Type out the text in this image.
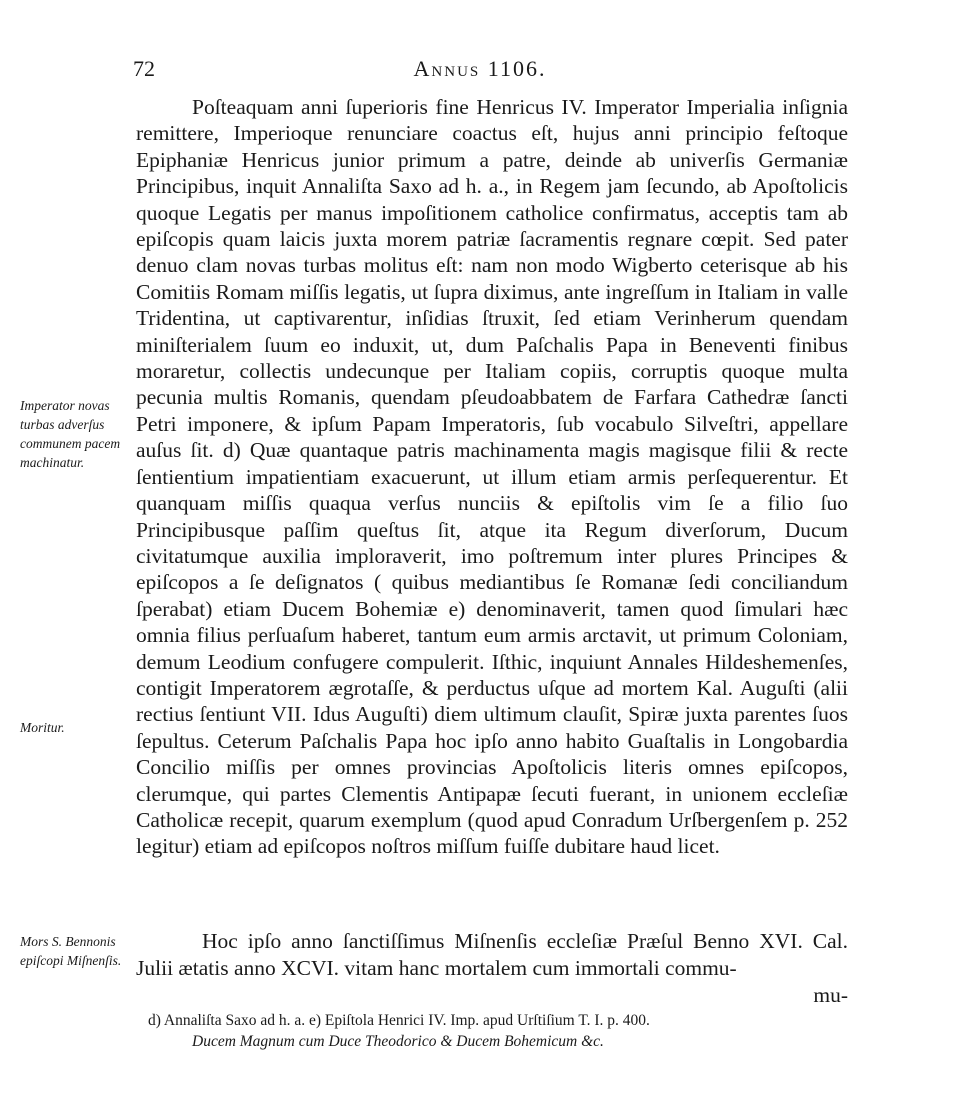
72	Annus 1106.
Imperator novas turbas adverſus communem pacem machinatur.
Moritur.
Mors S. Bennonis epiſcopi Miſnenſis.

Poſteaquam anni ſuperioris fine Henricus IV. Imperator Imperialia inſignia remittere, Imperioque renunciare coactus eſt, hujus anni principio feſtoque Epiphaniæ Henricus junior primum a patre, deinde ab univerſis Germaniæ Principibus, inquit Annaliſta Saxo ad h. a., in Regem jam ſecundo, ab Apoſtolicis quoque Legatis per manus impoſitionem catholice confirmatus, acceptis tam ab epiſcopis quam laicis juxta morem patriæ ſacramentis regnare cœpit. Sed pater denuo clam novas turbas molitus eſt: nam non modo Wigberto ceterisque ab his Comitiis Romam miſſis legatis, ut ſupra diximus, ante ingreſſum in Italiam in valle Tridentina, ut captivarentur, inſidias ſtruxit, ſed etiam Verinherum quendam miniſterialem ſuum eo induxit, ut, dum Paſchalis Papa in Beneventi finibus moraretur, collectis undecunque per Italiam copiis, corruptis quoque multa pecunia multis Romanis, quendam pſeudoabbatem de Farfara Cathedræ ſancti Petri imponere, & ipſum Papam Imperatoris, ſub vocabulo Silveſtri, appellare auſus ſit. d) Quæ quantaque patris machinamenta magis magisque filii & recte ſentientium impatientiam exacuerunt, ut illum etiam armis perſequerentur. Et quanquam miſſis quaqua verſus nunciis & epiſtolis vim ſe a filio ſuo Principibusque paſſim queſtus ſit, atque ita Regum diverſorum, Ducum civitatumque auxilia imploraverit, imo poſtremum inter plures Principes & epiſcopos a ſe deſignatos ( quibus mediantibus ſe Romanæ ſedi conciliandum ſperabat) etiam Ducem Bohemiæ e) denominaverit, tamen quod ſimulari hæc omnia filius perſuaſum haberet, tantum eum armis arctavit, ut primum Coloniam, demum Leodium confugere compulerit. Iſthic, inquiunt Annales Hildeshemenſes, contigit Imperatorem ægrotaſſe, & perductus uſque ad mortem Kal. Auguſti (alii rectius ſentiunt VII. Idus Auguſti) diem ultimum clauſit, Spiræ juxta parentes ſuos ſepultus. Ceterum Paſchalis Papa hoc ipſo anno habito Guaſtalis in Longobardia Concilio miſſis per omnes provincias Apoſtolicis literis omnes epiſcopos, clerumque, qui partes Clementis Antipapæ ſecuti fuerant, in unionem eccleſiæ Catholicæ recepit, quarum exemplum (quod apud Conradum Urſbergenſem p. 252 legitur) etiam ad epiſcopos noſtros miſſum fuiſſe dubitare haud licet.

Hoc ipſo anno ſanctiſſimus Miſnenſis eccleſiæ Præſul Benno XVI. Cal. Julii ætatis anno XCVI. vitam hanc mortalem cum immortali commu-

mu-
d) Annaliſta Saxo ad h. a. e) Epiſtola Henrici IV. Imp. apud Urſtiſium T. I. p. 400.
Ducem Magnum cum Duce Theodorico & Ducem Bohemicum &c.
